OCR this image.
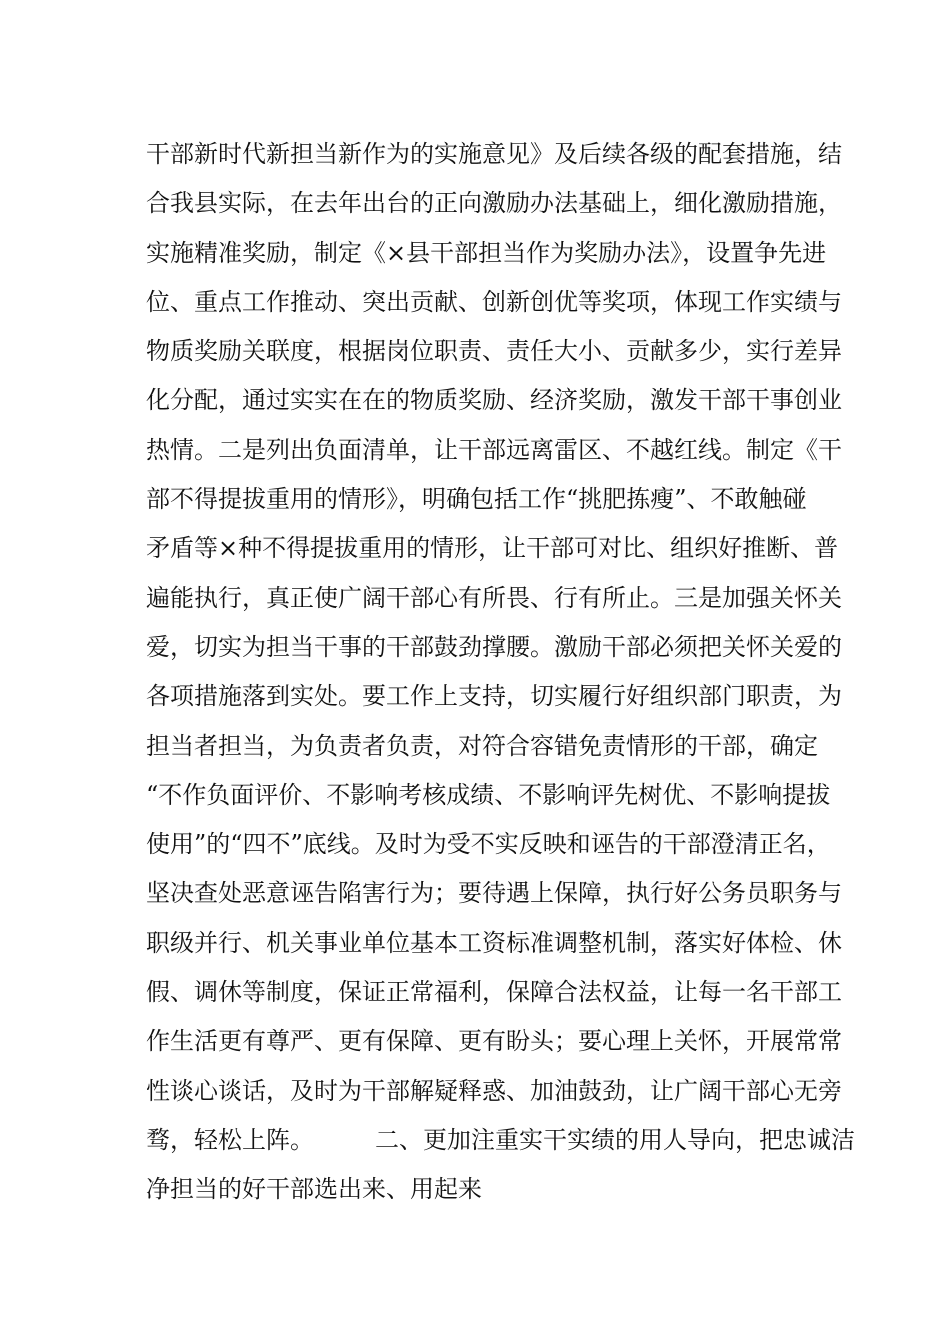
干部新时代新担当新作为的实施意见》及后续各级的配套措施，结
合我县实际，在去年出台的正向激励办法基础上，细化激励措施，
实施精准奖励，制定《×县干部担当作为奖励办法》，设置争先进
位、重点工作推动、突出贡献、创新创优等奖项，体现工作实绩与
物质奖励关联度，根据岗位职责、责任大小、贡献多少，实行差异
化分配，通过实实在在的物质奖励、经济奖励，激发干部干事创业
热情。二是列出负面清单，让干部远离雷区、不越红线。制定《干
部不得提拔重用的情形》，明确包括工作“挑肥拣瘦”、不敢触碰
矛盾等×种不得提拔重用的情形，让干部可对比、组织好推断、普
遍能执行，真正使广阔干部心有所畏、行有所止。三是加强关怀关
爱，切实为担当干事的干部鼓劲撑腰。激励干部必须把关怀关爱的
各项措施落到实处。要工作上支持，切实履行好组织部门职责，为
担当者担当，为负责者负责，对符合容错免责情形的干部，确定
“不作负面评价、不影响考核成绩、不影响评先树优、不影响提拔
使用”的“四不”底线。及时为受不实反映和诬告的干部澄清正名，
坚决查处恶意诬告陷害行为；要待遇上保障，执行好公务员职务与
职级并行、机关事业单位基本工资标准调整机制，落实好体检、休
假、调休等制度，保证正常福利，保障合法权益，让每一名干部工
作生活更有尊严、更有保障、更有盼头；要心理上关怀，开展常常
性谈心谈话，及时为干部解疑释惑、加油鼓劲，让广阔干部心无旁
骛，轻松上阵。        二、更加注重实干实绩的用人导向，把忠诚洁
净担当的好干部选出来、用起来
